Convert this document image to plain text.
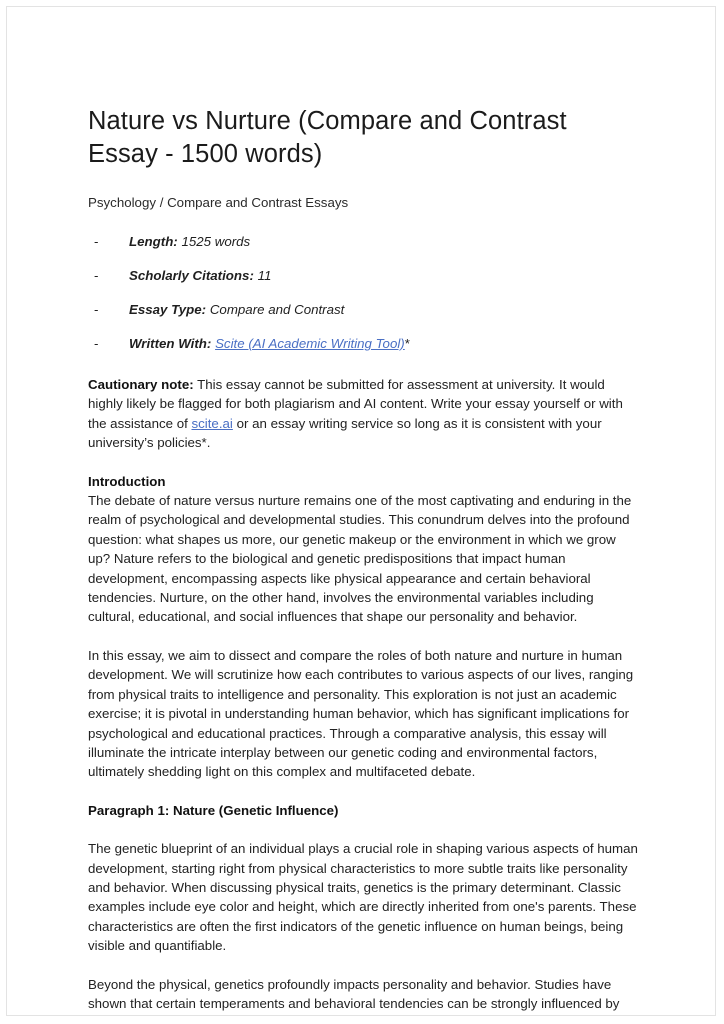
Nature vs Nurture (Compare and Contrast Essay - 1500 words)
Psychology / Compare and Contrast Essays
- Length: 1525 words
- Scholarly Citations: 11
- Essay Type: Compare and Contrast
- Written With: Scite (AI Academic Writing Tool)*

Cautionary note: This essay cannot be submitted for assessment at university. It would highly likely be flagged for both plagiarism and AI content. Write your essay yourself or with the assistance of scite.ai or an essay writing service so long as it is consistent with your university’s policies*.

Introduction

The debate of nature versus nurture remains one of the most captivating and enduring in the realm of psychological and developmental studies. This conundrum delves into the profound question: what shapes us more, our genetic makeup or the environment in which we grow up? Nature refers to the biological and genetic predispositions that impact human development, encompassing aspects like physical appearance and certain behavioral tendencies. Nurture, on the other hand, involves the environmental variables including cultural, educational, and social influences that shape our personality and behavior.

In this essay, we aim to dissect and compare the roles of both nature and nurture in human development. We will scrutinize how each contributes to various aspects of our lives, ranging from physical traits to intelligence and personality. This exploration is not just an academic exercise; it is pivotal in understanding human behavior, which has significant implications for psychological and educational practices. Through a comparative analysis, this essay will illuminate the intricate interplay between our genetic coding and environmental factors, ultimately shedding light on this complex and multifaceted debate.

Paragraph 1: Nature (Genetic Influence)

The genetic blueprint of an individual plays a crucial role in shaping various aspects of human development, starting right from physical characteristics to more subtle traits like personality and behavior. When discussing physical traits, genetics is the primary determinant. Classic examples include eye color and height, which are directly inherited from one's parents. These characteristics are often the first indicators of the genetic influence on human beings, being visible and quantifiable.

Beyond the physical, genetics profoundly impacts personality and behavior. Studies have shown that certain temperaments and behavioral tendencies can be strongly influenced by
